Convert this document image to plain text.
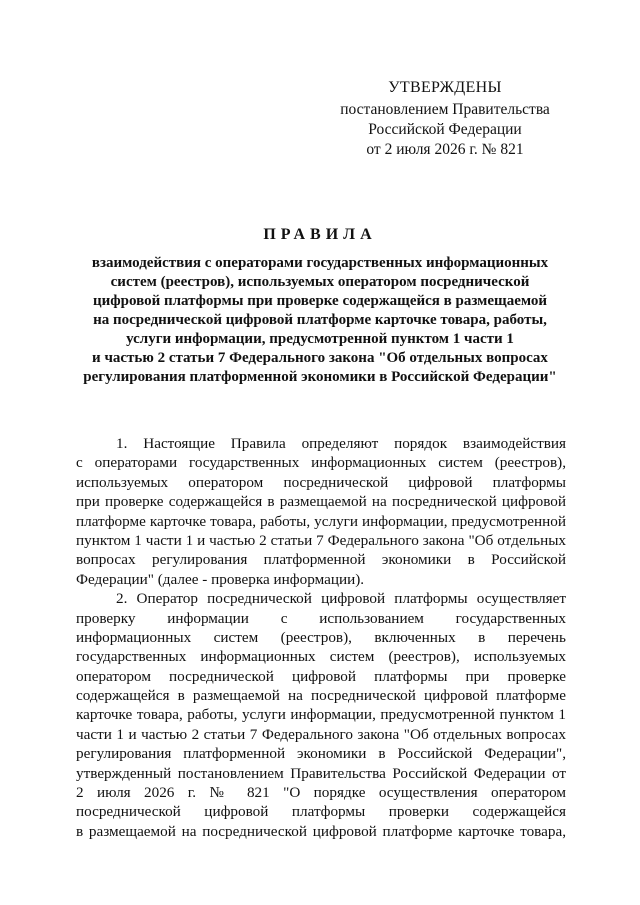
УТВЕРЖДЕНЫ
постановлением Правительства
Российской Федерации
от 2 июля 2026 г. № 821
ПРАВИЛА
взаимодействия с операторами государственных информационных
систем (реестров), используемых оператором посреднической
цифровой платформы при проверке содержащейся в размещаемой
на посреднической цифровой платформе карточке товара, работы,
услуги информации, предусмотренной пунктом 1 части 1
и частью 2 статьи 7 Федерального закона "Об отдельных вопросах
регулирования платформенной экономики в Российской Федерации"
1. Настоящие Правила определяют порядок взаимодействия
с операторами государственных информационных систем (реестров),
используемых оператором посреднической цифровой платформы
при проверке содержащейся в размещаемой на посреднической цифровой
платформе карточке товара, работы, услуги информации, предусмотренной
пунктом 1 части 1 и частью 2 статьи 7 Федерального закона "Об отдельных
вопросах регулирования платформенной экономики в Российской
Федерации" (далее - проверка информации).
2. Оператор посреднической цифровой платформы осуществляет
проверку информации с использованием государственных
информационных систем (реестров), включенных в перечень
государственных информационных систем (реестров), используемых
оператором посреднической цифровой платформы при проверке
содержащейся в размещаемой на посреднической цифровой платформе
карточке товара, работы, услуги информации, предусмотренной пунктом 1
части 1 и частью 2 статьи 7 Федерального закона "Об отдельных вопросах
регулирования платформенной экономики в Российской Федерации",
утвержденный постановлением Правительства Российской Федерации от
2 июля 2026 г. № 821 "О порядке осуществления оператором
посреднической цифровой платформы проверки содержащейся
в размещаемой на посреднической цифровой платформе карточке товара,
